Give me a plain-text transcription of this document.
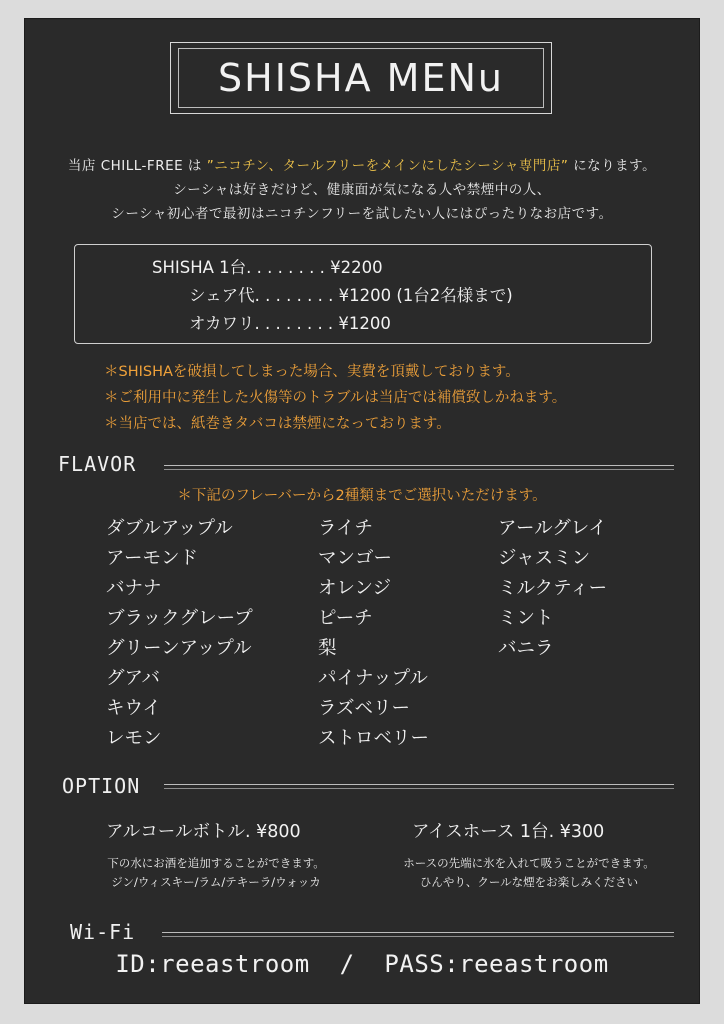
SHISHA MENu
当店 CHILL-FREE は ”ニコチン、タールフリーをメインにしたシーシャ専門店” になります。
シーシャは好きだけど、健康面が気になる人や禁煙中の人、
シーシャ初心者で最初はニコチンフリーを試したい人にはぴったりなお店です。
SHISHA 1台. . . . . . . . ¥2200
シェア代. . . . . . . . ¥1200 (1台2名様まで)
オカワリ. . . . . . . . ¥1200
＊SHISHAを破損してしまった場合、実費を頂戴しております。
＊ご利用中に発生した火傷等のトラブルは当店では補償致しかねます。
＊当店では、紙巻きタバコは禁煙になっております。
FLAVOR
＊下記のフレーバーから2種類までご選択いただけます。
ダブルアップル
アーモンド
バナナ
ブラックグレープ
グリーンアップル
グアバ
キウイ
レモン
ライチ
マンゴー
オレンジ
ピーチ
梨
パイナップル
ラズベリー
ストロベリー
アールグレイ
ジャスミン
ミルクティー
ミント
バニラ
OPTION
アルコールボトル. ¥800
下の水にお酒を追加することができます。
ジン/ウィスキー/ラム/テキーラ/ウォッカ
アイスホース 1台. ¥300
ホースの先端に氷を入れて吸うことができます。
ひんやり、クールな煙をお楽しみください
Wi-Fi
ID:reeastroom  /  PASS:reeastroom
